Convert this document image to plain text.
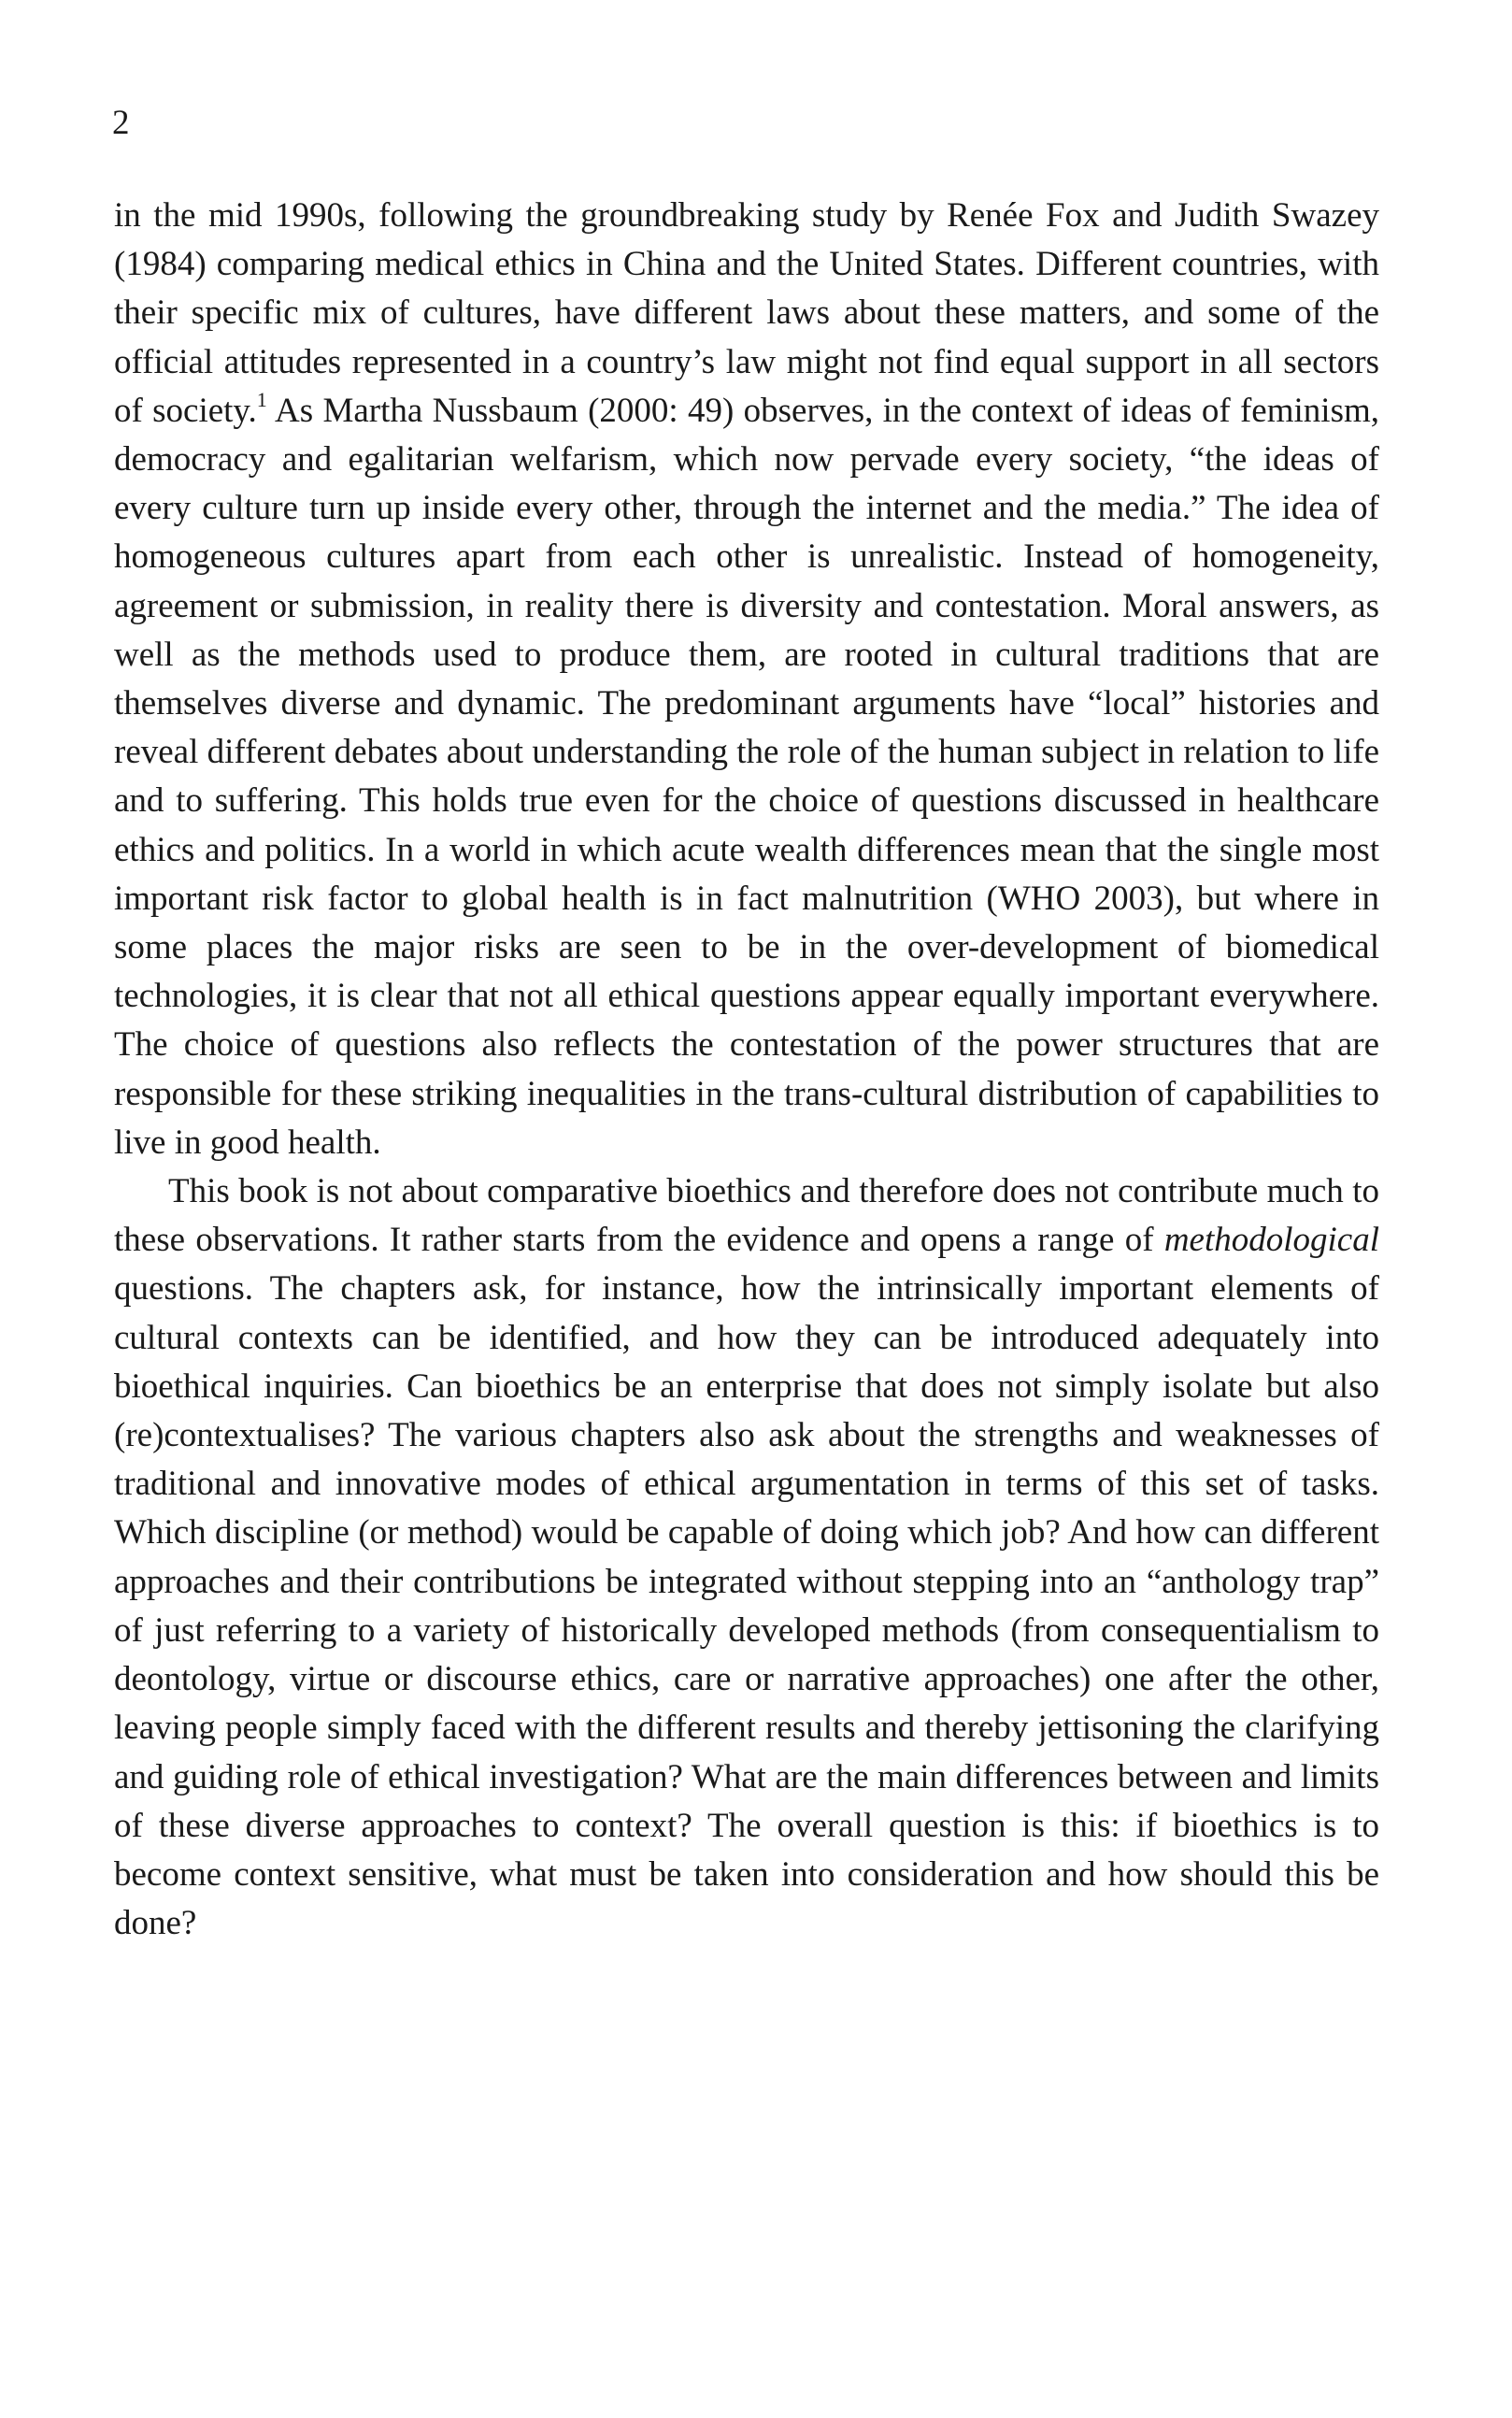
2

in the mid 1990s, following the groundbreaking study by Renée Fox and Judith Swazey (1984) comparing medical ethics in China and the United States. Different countries, with their specific mix of cultures, have different laws about these matters, and some of the official attitudes represented in a country’s law might not find equal support in all sectors of society.$^1$ As Martha Nussbaum (2000: 49) observes, in the context of ideas of feminism, democracy and egalitarian welfarism, which now pervade every society, “the ideas of every culture turn up inside every other, through the internet and the media.” The idea of homogeneous cultures apart from each other is unrealistic. Instead of homogeneity, agreement or submission, in reality there is diversity and contestation. Moral answers, as well as the methods used to produce them, are rooted in cultural traditions that are themselves diverse and dynamic. The predominant arguments have “local” histories and reveal different debates about understanding the role of the human subject in relation to life and to suffering. This holds true even for the choice of questions discussed in healthcare ethics and politics. In a world in which acute wealth differences mean that the single most important risk factor to global health is in fact malnutrition (WHO 2003), but where in some places the major risks are seen to be in the over-development of biomedical technologies, it is clear that not all ethical questions appear equally important everywhere. The choice of questions also reflects the contestation of the power structures that are responsible for these striking inequalities in the trans-cultural distribution of capabilities to live in good health.

This book is not about comparative bioethics and therefore does not contribute much to these observations. It rather starts from the evidence and opens a range of methodological questions. The chapters ask, for instance, how the intrinsically important elements of cultural contexts can be identified, and how they can be introduced adequately into bioethical inquiries. Can bioethics be an enterprise that does not simply isolate but also (re)contextualises? The various chapters also ask about the strengths and weaknesses of traditional and innovative modes of ethical argumentation in terms of this set of tasks. Which discipline (or method) would be capable of doing which job? And how can different approaches and their contributions be integrated without stepping into an “anthology trap” of just referring to a variety of historically developed methods (from consequentialism to deontology, virtue or discourse ethics, care or narrative approaches) one after the other, leaving people simply faced with the different results and thereby jettisoning the clarifying and guiding role of ethical investigation? What are the main differences between and limits of these diverse approaches to context? The overall question is this: if bioethics is to become context sensitive, what must be taken into consideration and how should this be done?
